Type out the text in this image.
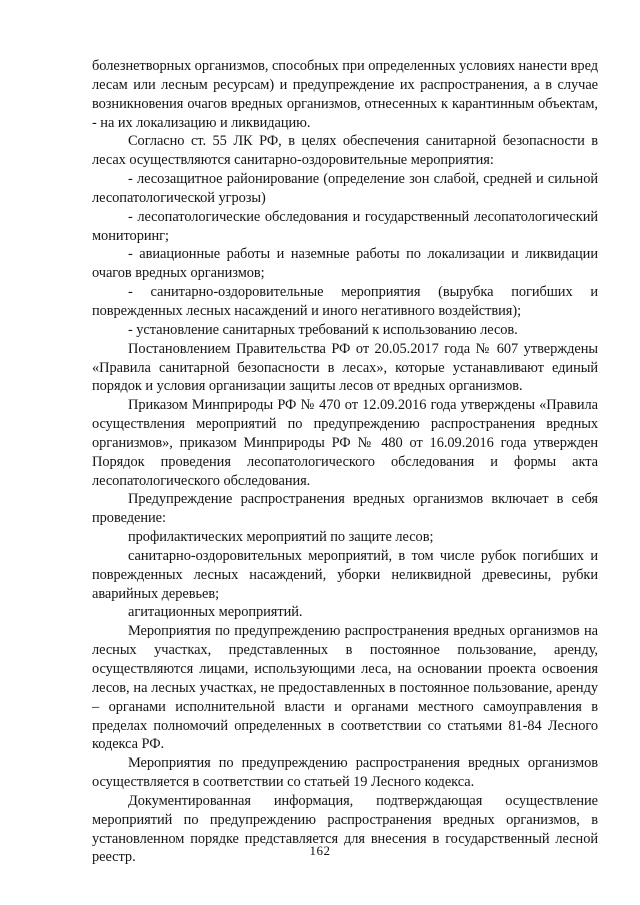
болезнетворных организмов, способных при определенных условиях нанести вред лесам или лесным ресурсам) и предупреждение их распространения, а в случае возникновения очагов вредных организмов, отнесенных к карантинным объектам, - на их локализацию и ликвидацию.

Согласно ст. 55 ЛК РФ, в целях обеспечения санитарной безопасности в лесах осуществляются санитарно-оздоровительные мероприятия:

- лесозащитное районирование (определение зон слабой, средней и сильной лесопатологической угрозы)

- лесопатологические обследования и государственный лесопатологический мониторинг;

- авиационные работы и наземные работы по локализации и ликвидации очагов вредных организмов;

- санитарно-оздоровительные мероприятия (вырубка погибших и поврежденных лесных насаждений и иного негативного воздействия);

- установление санитарных требований к использованию лесов.

Постановлением Правительства РФ от 20.05.2017 года № 607 утверждены «Правила санитарной безопасности в лесах», которые устанавливают единый порядок и условия организации защиты лесов от вредных организмов.

Приказом Минприроды РФ № 470 от 12.09.2016 года утверждены «Правила осуществления мероприятий по предупреждению распространения вредных организмов», приказом Минприроды РФ № 480 от 16.09.2016 года утвержден Порядок проведения лесопатологического обследования и формы акта лесопатологического обследования.

Предупреждение распространения вредных организмов включает в себя проведение:

профилактических мероприятий по защите лесов;

санитарно-оздоровительных мероприятий, в том числе рубок погибших и поврежденных лесных насаждений, уборки неликвидной древесины, рубки аварийных деревьев;

агитационных мероприятий.

Мероприятия по предупреждению распространения вредных организмов на лесных участках, представленных в постоянное пользование, аренду, осуществляются лицами, использующими леса, на основании проекта освоения лесов, на лесных участках, не предоставленных в постоянное пользование, аренду – органами исполнительной власти и органами местного самоуправления в пределах полномочий определенных в соответствии со статьями 81-84 Лесного кодекса РФ.

Мероприятия по предупреждению распространения вредных организмов осуществляется в соответствии со статьей 19 Лесного кодекса.

Документированная информация, подтверждающая осуществление мероприятий по предупреждению распространения вредных организмов, в установленном порядке представляется для внесения в государственный лесной реестр.	162
